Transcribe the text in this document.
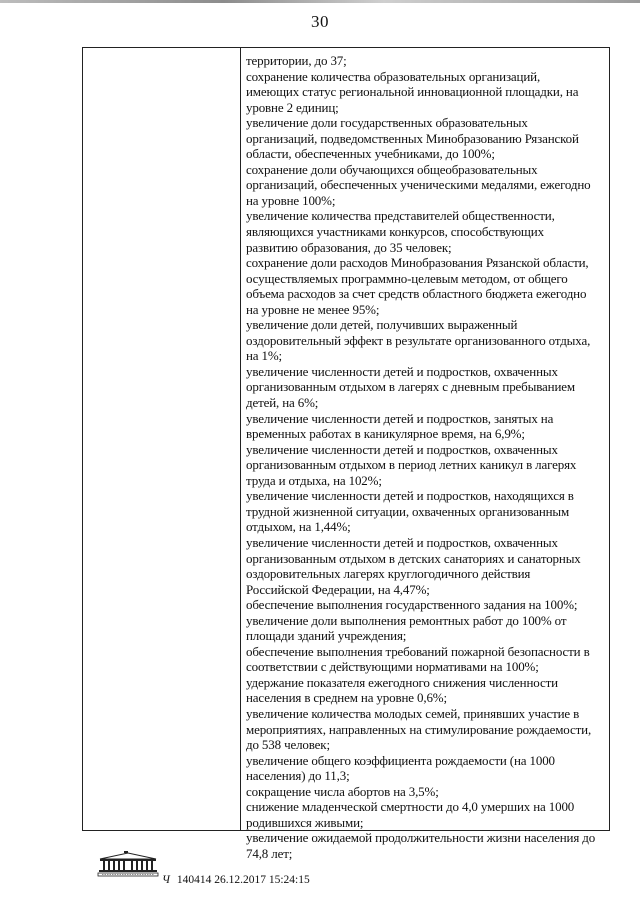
30
территории, до 37;
сохранение количества образовательных организаций,
имеющих статус региональной инновационной площадки, на
уровне 2 единиц;
увеличение доли государственных образовательных
организаций, подведомственных Минобразованию Рязанской
области, обеспеченных учебниками, до 100%;
сохранение доли обучающихся общеобразовательных
организаций, обеспеченных ученическими медалями, ежегодно
на уровне 100%;
увеличение количества представителей общественности,
являющихся участниками конкурсов, способствующих
развитию образования, до 35 человек;
сохранение доли расходов Минобразования Рязанской области,
осуществляемых программно-целевым методом, от общего
объема расходов за счет средств областного бюджета ежегодно
на уровне не менее 95%;
увеличение доли детей, получивших выраженный
оздоровительный эффект в результате организованного отдыха,
на 1%;
увеличение численности детей и подростков, охваченных
организованным отдыхом в лагерях с дневным пребыванием
детей, на 6%;
увеличение численности детей и подростков, занятых на
временных работах в каникулярное время, на 6,9%;
увеличение численности детей и подростков, охваченных
организованным отдыхом в период летних каникул в лагерях
труда и отдыха, на 102%;
увеличение численности детей и подростков, находящихся в
трудной жизненной ситуации, охваченных организованным
отдыхом, на 1,44%;
увеличение численности детей и подростков, охваченных
организованным отдыхом в детских санаториях и санаторных
оздоровительных лагерях круглогодичного действия
Российской Федерации, на 4,47%;
обеспечение выполнения государственного задания на 100%;
увеличение доли выполнения ремонтных работ до 100% от
площади зданий учреждения;
обеспечение выполнения требований пожарной безопасности в
соответствии с действующими нормативами на 100%;
удержание показателя ежегодного снижения численности
населения в среднем на уровне 0,6%;
увеличение количества молодых семей, принявших участие в
мероприятиях, направленных на стимулирование рождаемости,
до 538 человек;
увеличение общего коэффициента рождаемости (на 1000
населения) до 11,3;
сокращение числа абортов на 3,5%;
снижение младенческой смертности до 4,0 умерших на 1000
родившихся живыми;
увеличение ожидаемой продолжительности жизни населения до
74,8 лет;
Ч 140414 26.12.2017 15:24:15
